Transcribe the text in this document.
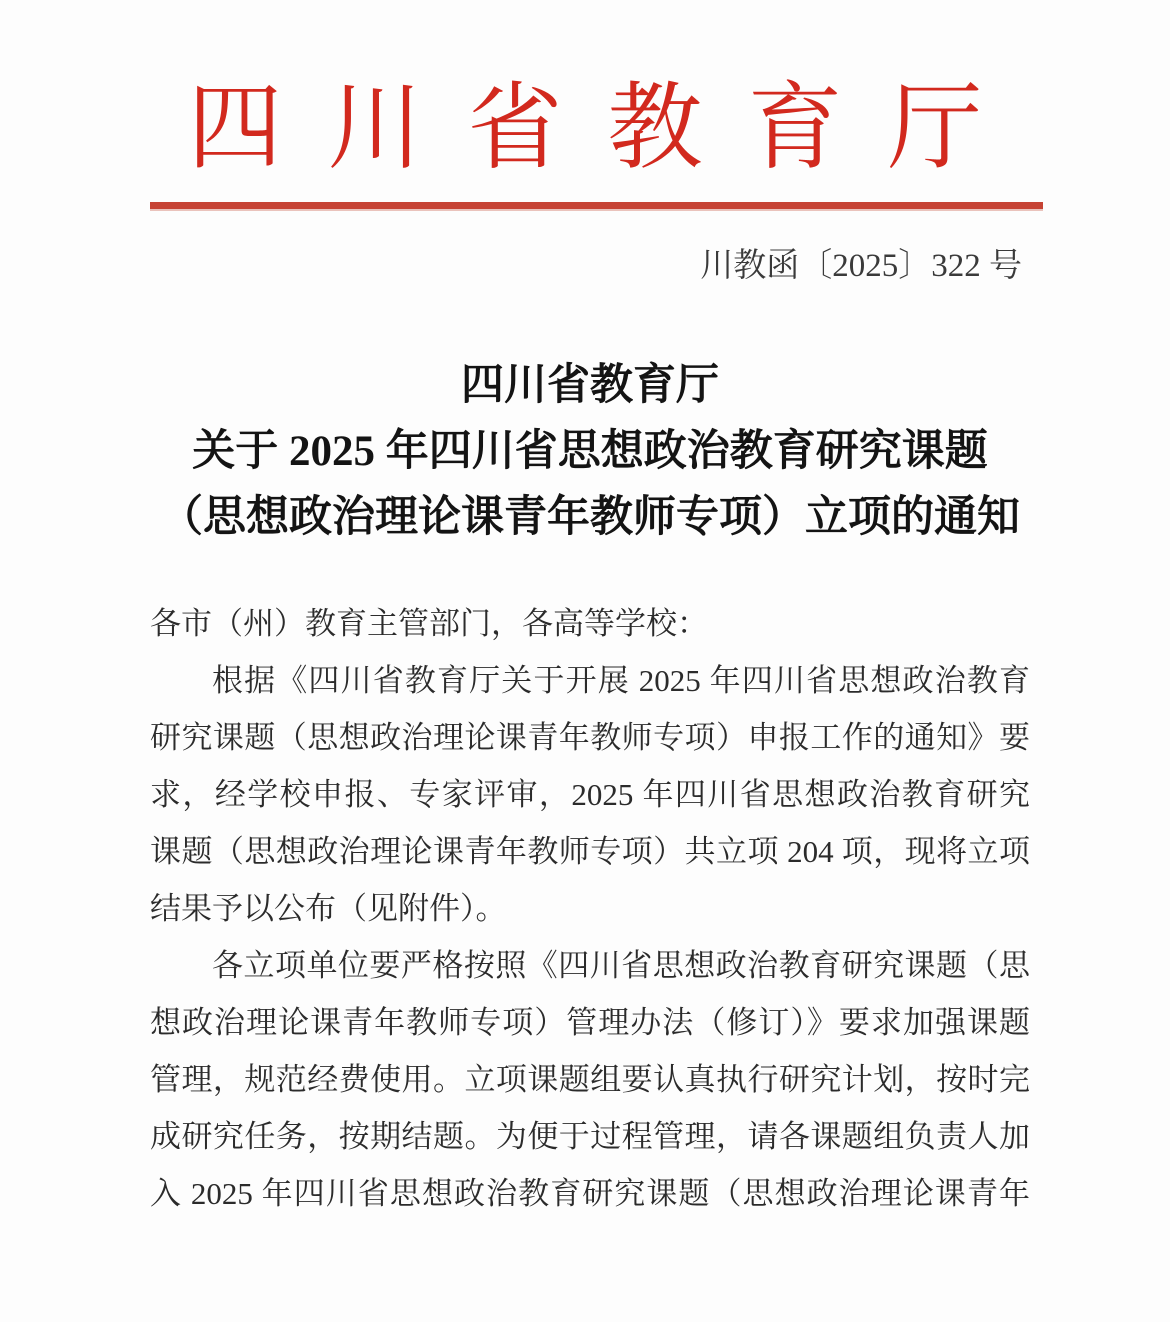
四川省教育厅
川教函〔2025〕322 号
四川省教育厅
关于 2025 年四川省思想政治教育研究课题
（思想政治理论课青年教师专项）立项的通知
各市（州）教育主管部门，各高等学校：
根据《四川省教育厅关于开展 2025 年四川省思想政治教育
研究课题（思想政治理论课青年教师专项）申报工作的通知》要
求，经学校申报、专家评审，2025 年四川省思想政治教育研究
课题（思想政治理论课青年教师专项）共立项 204 项，现将立项
结果予以公布（见附件）。
各立项单位要严格按照《四川省思想政治教育研究课题（思
想政治理论课青年教师专项）管理办法（修订）》要求加强课题
管理，规范经费使用。立项课题组要认真执行研究计划，按时完
成研究任务，按期结题。为便于过程管理，请各课题组负责人加
入 2025 年四川省思想政治教育研究课题（思想政治理论课青年
